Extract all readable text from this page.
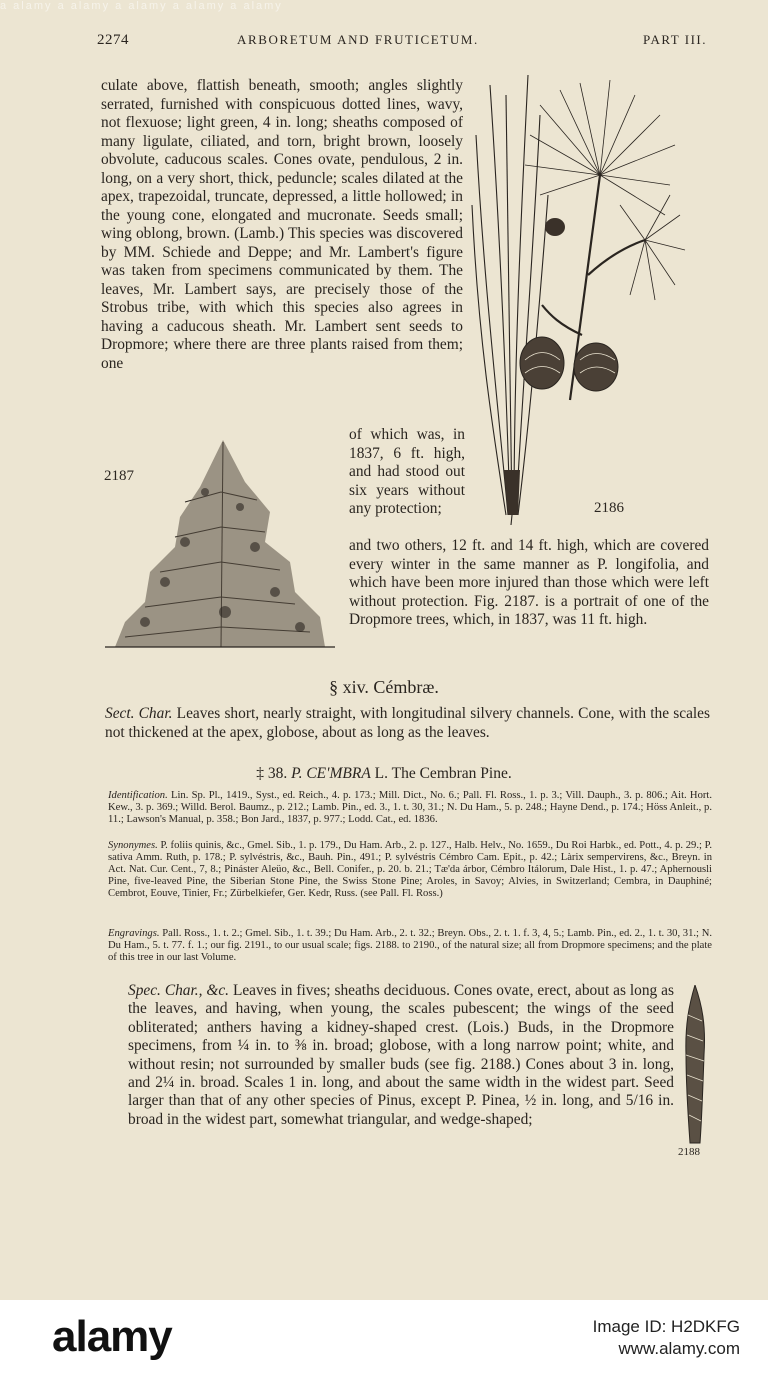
a alamy a alamy a alamy a alamy a alamy
2274	ARBORETUM AND FRUTICETUM.	PART III.

culate above, flattish beneath, smooth; angles slightly serrated, furnished with conspicuous dotted lines, wavy, not flexuose; light green, 4 in. long; sheaths composed of many ligulate, ciliated, and torn, bright brown, loosely obvolute, caducous scales. Cones ovate, pendulous, 2 in. long, on a very short, thick, peduncle; scales dilated at the apex, trapezoidal, truncate, depressed, a little hollowed; in the young cone, elongated and mucronate. Seeds small; wing oblong, brown. (Lamb.) This species was discovered by MM. Schiede and Deppe; and Mr. Lambert's figure was taken from specimens communicated by them. The leaves, Mr. Lambert says, are precisely those of the Strobus tribe, with which this species also agrees in having a caducous sheath. Mr. Lambert sent seeds to Dropmore; where there are three plants raised from them; one

of which was, in 1837, 6 ft. high, and had stood out six years without any protection;

and two others, 12 ft. and 14 ft. high, which are covered every winter in the same manner as P. longifolia, and which have been more injured than those which were left without protection. Fig. 2187. is a portrait of one of the Dropmore trees, which, in 1837, was 11 ft. high.

2186
2187
§ xiv. Cémbræ.
Sect. Char. Leaves short, nearly straight, with longitudinal silvery channels. Cone, with the scales not thickened at the apex, globose, about as long as the leaves.
‡ 38. P. CE'MBRA L. The Cembran Pine.
Identification. Lin. Sp. Pl., 1419., Syst., ed. Reich., 4. p. 173.; Mill. Dict., No. 6.; Pall. Fl. Ross., 1. p. 3.; Vill. Dauph., 3. p. 806.; Ait. Hort. Kew., 3. p. 369.; Willd. Berol. Baumz., p. 212.; Lamb. Pin., ed. 3., 1. t. 30, 31.; N. Du Ham., 5. p. 248.; Hayne Dend., p. 174.; Höss Anleit., p. 11.; Lawson's Manual, p. 358.; Bon Jard., 1837, p. 977.; Lodd. Cat., ed. 1836.
Synonymes. P. foliis quinis, &c., Gmel. Sib., 1. p. 179., Du Ham. Arb., 2. p. 127., Halb. Helv., No. 1659., Du Roi Harbk., ed. Pott., 4. p. 29.; P. sativa Amm. Ruth, p. 178.; P. sylvéstris, &c., Bauh. Pin., 491.; P. sylvéstris Cémbro Cam. Epit., p. 42.; Làrix sempervirens, &c., Breyn. in Act. Nat. Cur. Cent., 7, 8.; Pináster Aleüo, &c., Bell. Conifer., p. 20. b. 21.; Tæ'da árbor, Cémbro Itálorum, Dale Hist., 1. p. 47.; Aphernousli Pine, five-leaved Pine, the Siberian Stone Pine, the Swiss Stone Pine; Aroles, in Savoy; Alvies, in Switzerland; Cembra, in Dauphiné; Cembrot, Eouve, Tinier, Fr.; Zürbelkiefer, Ger. Kedr, Russ. (see Pall. Fl. Ross.)
Engravings. Pall. Ross., 1. t. 2.; Gmel. Sib., 1. t. 39.; Du Ham. Arb., 2. t. 32.; Breyn. Obs., 2. t. 1. f. 3, 4, 5.; Lamb. Pin., ed. 2., 1. t. 30, 31.; N. Du Ham., 5. t. 77. f. 1.; our fig. 2191., to our usual scale; figs. 2188. to 2190., of the natural size; all from Dropmore specimens; and the plate of this tree in our last Volume.
Spec. Char., &c. Leaves in fives; sheaths deciduous. Cones ovate, erect, about as long as the leaves, and having, when young, the scales pubescent; the wings of the seed obliterated; anthers having a kidney-shaped crest. (Lois.) Buds, in the Dropmore specimens, from ¼ in. to ⅜ in. broad; globose, with a long narrow point; white, and without resin; not surrounded by smaller buds (see fig. 2188.) Cones about 3 in. long, and 2¼ in. broad. Scales 1 in. long, and about the same width in the widest part. Seed larger than that of any other species of Pinus, except P. Pinea, ½ in. long, and 5/16 in. broad in the widest part, somewhat triangular, and wedge-shaped;
2188
alamy	Image ID: H2DKFG
www.alamy.com
